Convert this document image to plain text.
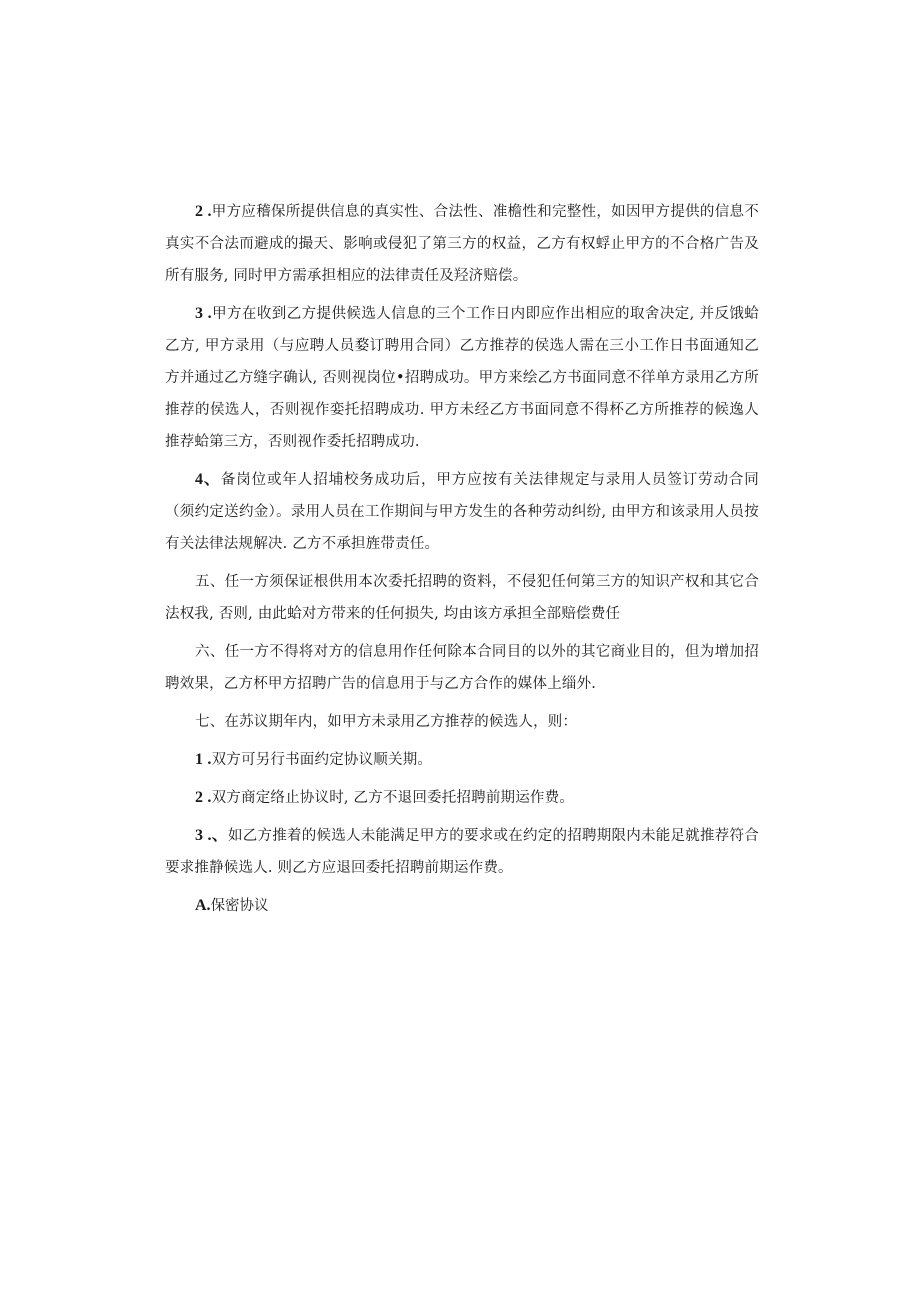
2 .甲方应稽保所提供信息的真实性、合法性、准檐性和完整性，如因甲方提供的信息不真实不合法而避成的撮天、影响或侵犯了第三方的权益，乙方有权蜉止甲方的不合格广告及所有服务, 同时甲方需承担相应的法律责任及羟济赔偿。

3 .甲方在收到乙方提供候选人信息的三个工作日内即应作出相应的取舍决定, 并反饿蛤乙方, 甲方录用（与应聘人员婺订聘用合同）乙方推荐的侯选人需在三小工作日书面通知乙方并通过乙方缝字确认, 否则视岗位•招聘成功。甲方来绘乙方书面同意不徉单方录用乙方所推荐的侯选人，否则视作娈托招聘成功. 甲方未经乙方书面同意不得杯乙方所推荐的候逸人推荐蛤第三方，否则视作委托招聘成功.

4、备岗位或年人招埔校务成功后，甲方应按有关法律规定与录用人员签订劳动合同（须约定送约金）。录用人员在工作期间与甲方发生的各种劳动纠纷, 由甲方和该录用人员按有关法律法规解决. 乙方不承担旌带责任。

五、任一方须保证根供用本次委托招聘的资料，不侵犯任何第三方的知识产权和其它合法权我, 否则, 由此蛤对方带来的任何损失, 均由该方承担全部赔偿费任

六、任一方不得将对方的信息用作任何除本合同目的以外的其它商业目的，但为增加招聘效果，乙方杯甲方招聘广告的信息用于与乙方合作的媒体上缁外.

七、在苏议期年内，如甲方未录用乙方推荐的候选人，则：

1 .双方可另行书面约定协议顺关期。

2 .双方商定络止协议时, 乙方不退回委托招聘前期运作费。

3 .、如乙方推着的候选人未能满足甲方的要求或在约定的招聘期限内未能足就推荐符合要求推静候选人. 则乙方应退回委托招聘前期运作费。

A.保密协议
